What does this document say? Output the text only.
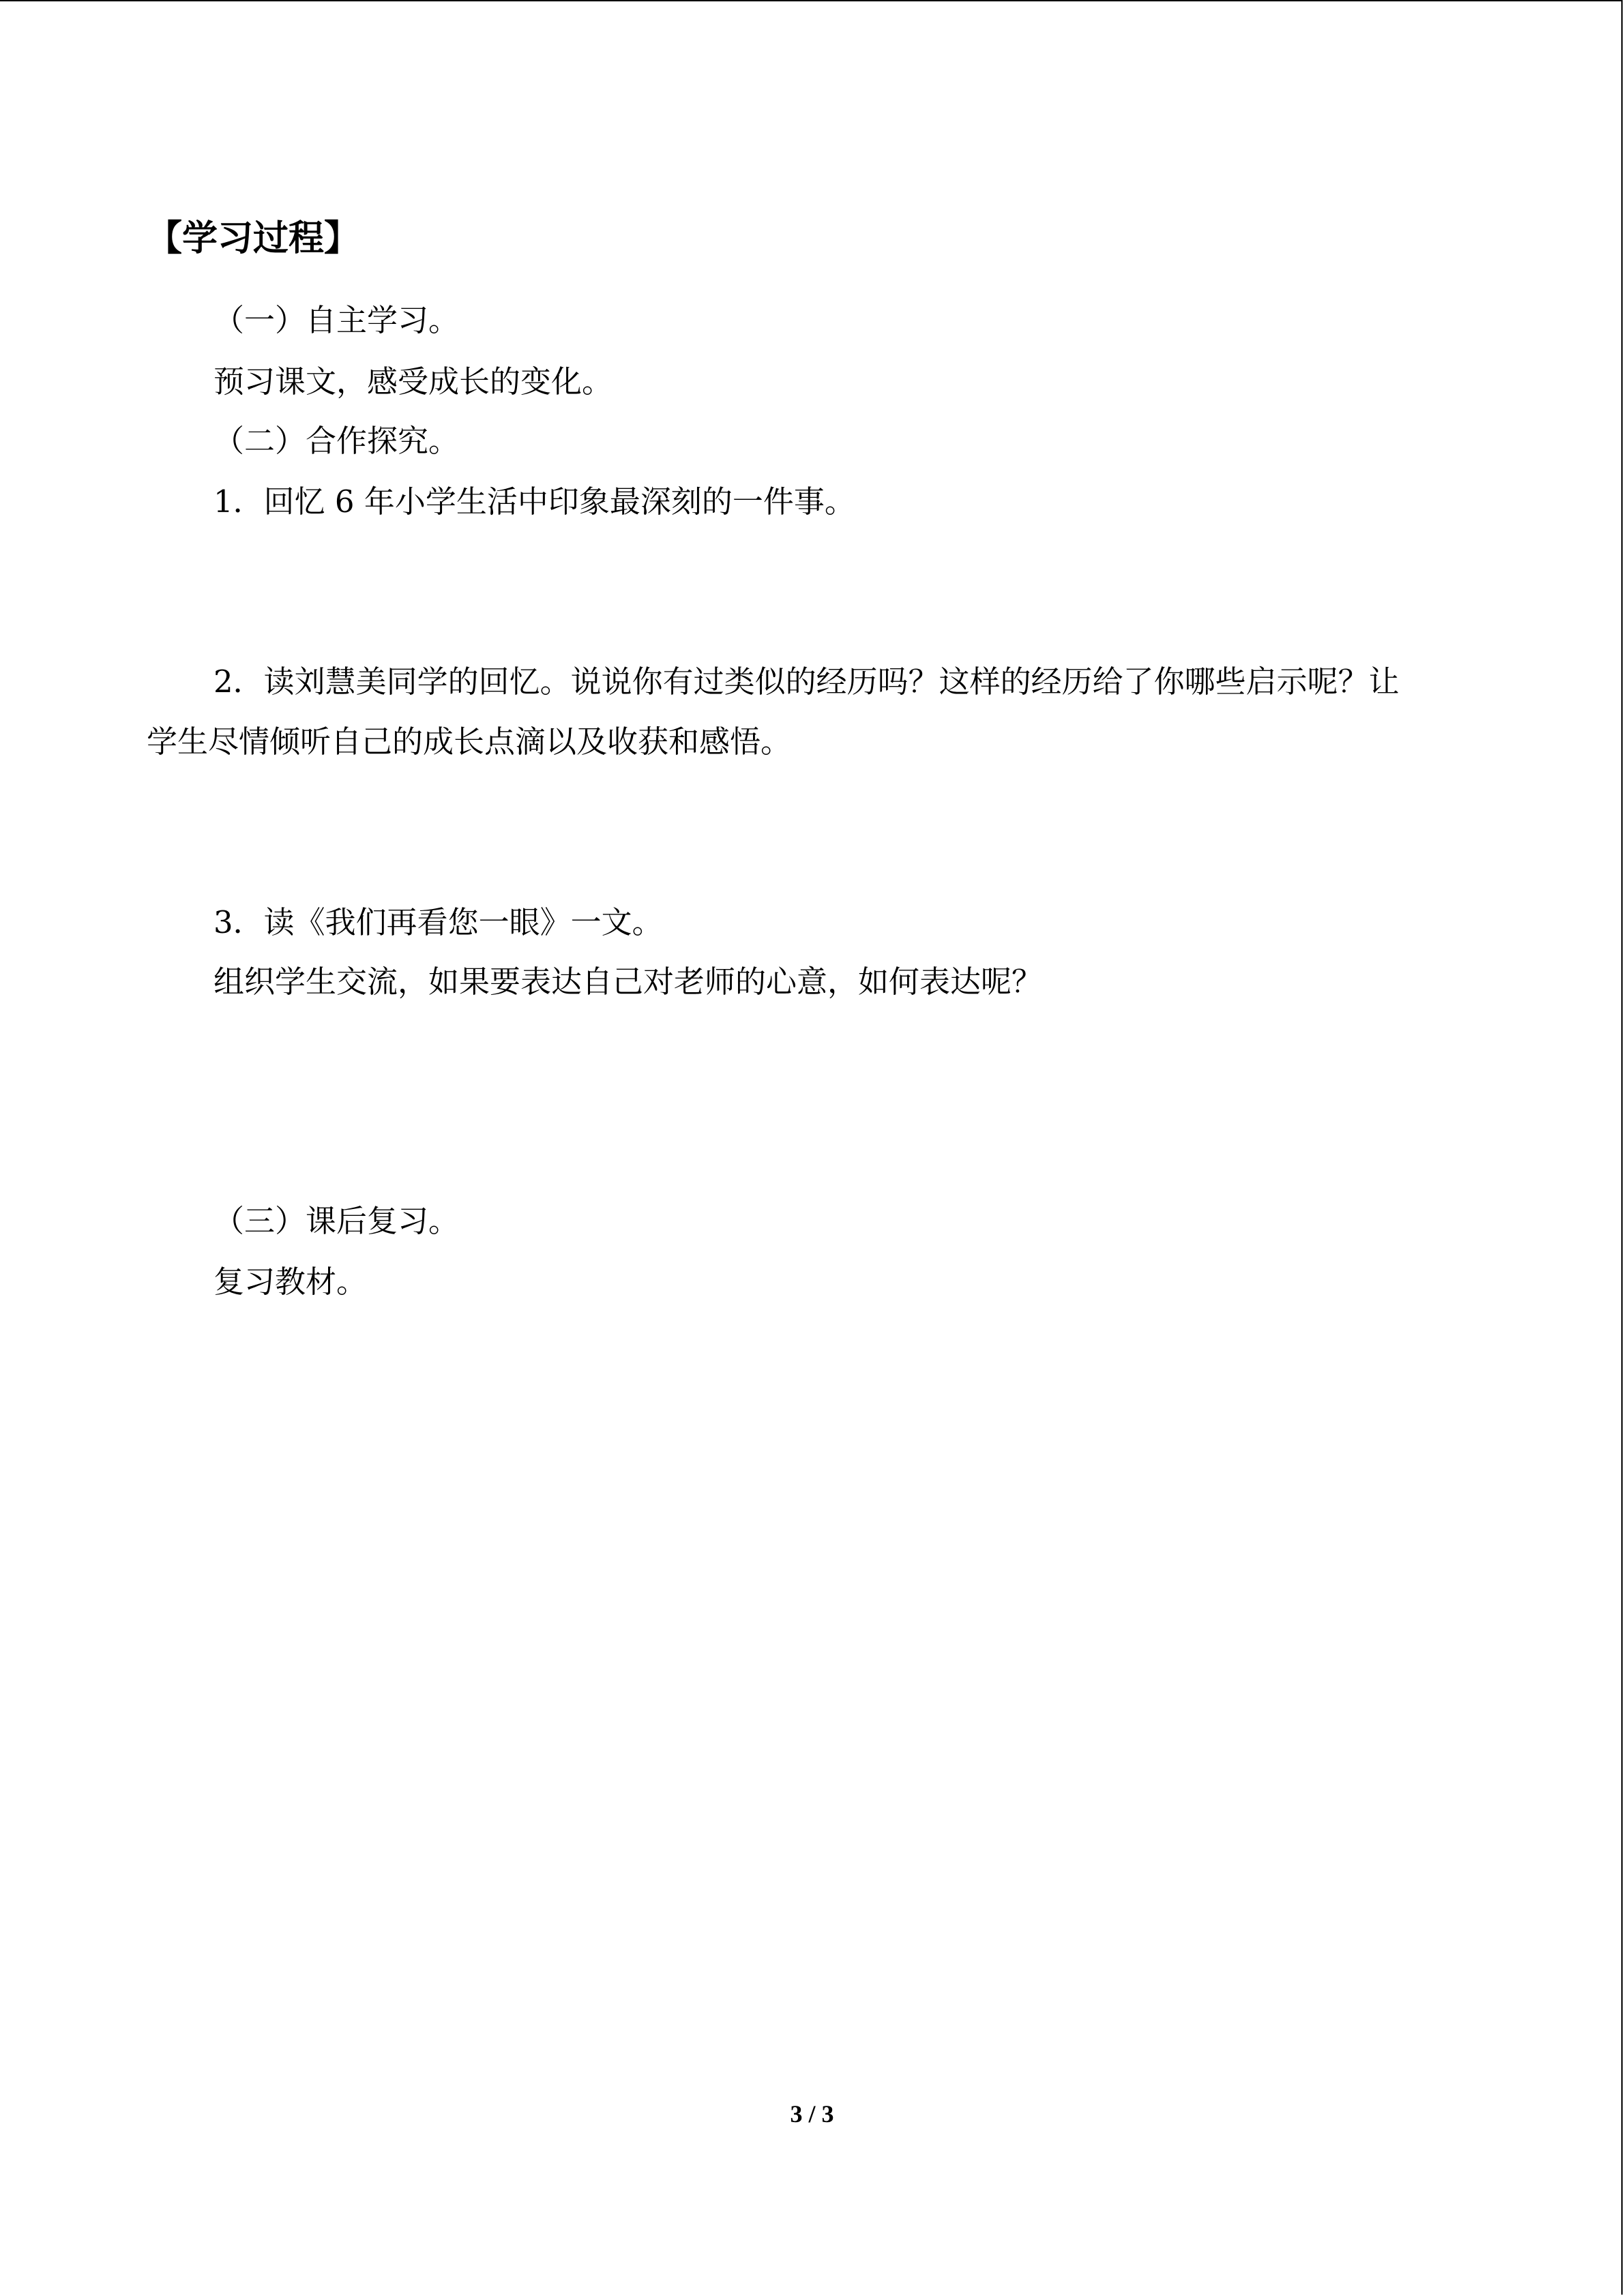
【学习过程】
（一）自主学习。
预习课文，感受成长的变化。
（二）合作探究。
1．回忆 6 年小学生活中印象最深刻的一件事。
2．读刘慧美同学的回忆。说说你有过类似的经历吗？这样的经历给了你哪些启示呢？让
学生尽情倾听自己的成长点滴以及收获和感悟。
3．读《我们再看您一眼》一文。
组织学生交流，如果要表达自己对老师的心意，如何表达呢？
（三）课后复习。
复习教材。
3 / 3
